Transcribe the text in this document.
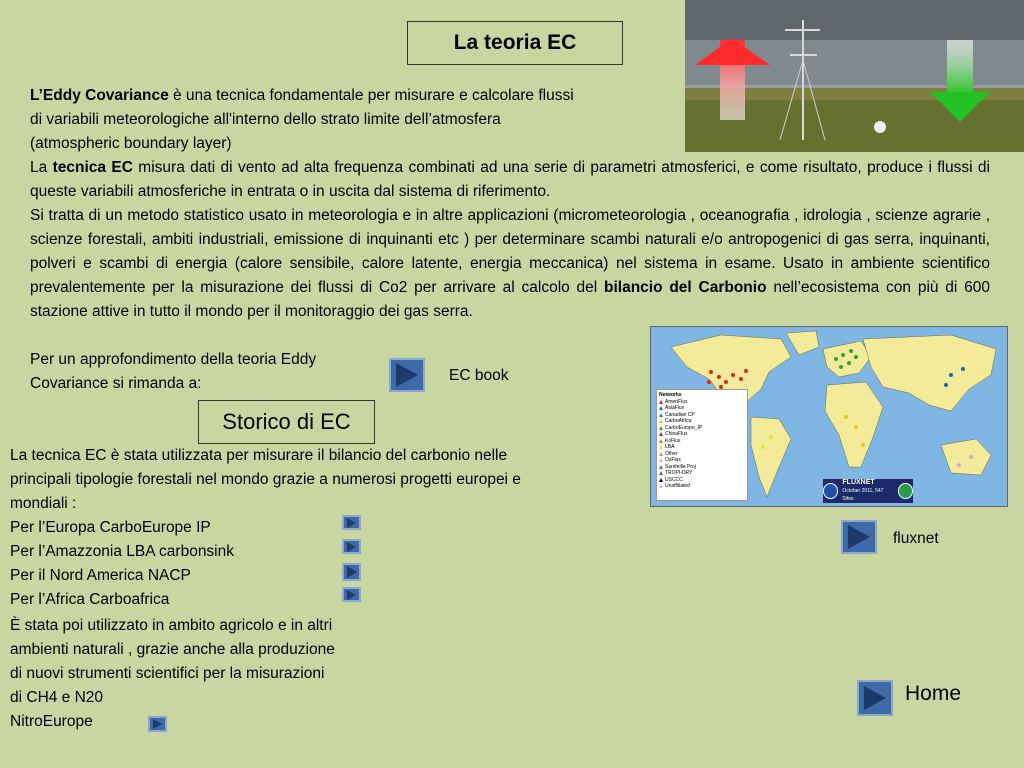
La teoria EC
L’Eddy Covariance è una tecnica fondamentale per misurare e calcolare flussi
di variabili meteorologiche all'interno dello strato limite dell’atmosfera
(atmospheric boundary layer)
La tecnica EC misura dati di vento ad alta frequenza combinati ad una serie di parametri atmosferici, e come risultato, produce i flussi di queste variabili atmosferiche in entrata o in uscita dal sistema di riferimento.
Si tratta di un metodo statistico usato in meteorologia e in altre applicazioni (micrometeorologia , oceanografia , idrologia , scienze agrarie , scienze forestali, ambiti industriali, emissione di inquinanti etc ) per determinare scambi naturali e/o antropogenici di gas serra, inquinanti, polveri e scambi di energia (calore sensibile, calore latente, energia meccanica) nel sistema in esame. Usato in ambiente scientifico prevalentemente per la misurazione dei flussi di Co2 per arrivare al calcolo del bilancio del Carbonio nell’ecosistema con più di 600 stazione attive in tutto il mondo per il monitoraggio dei gas serra.
Per un approfondimento della teoria Eddy
Covariance si rimanda a:	EC book
Networks
AmeriFlux
AsiaFlux
Canadian CP
CarboAfrica
CarboEurope_IP
ChinaFlux
KoFlux
LBA
Other
OzFlux
Sardinilla Proj
TROPI-DRY
USCCC
Unaffiliated	FLUXNET
October 2011, 547 Sites
fluxnet
Storico di EC
La tecnica EC è stata utilizzata per misurare il bilancio del carbonio nelle
principali tipologie forestali nel mondo grazie a numerosi progetti europei e
mondiali :
Per l’Europa CarboEurope IP
Per l’Amazzonia LBA carbonsink
Per il Nord America NACP
Per l’Africa Carboafrica
È stata poi utilizzato in ambito agricolo e in altri
ambienti naturali , grazie anche alla produzione
di nuovi strumenti scientifici per la misurazioni
di CH4 e N20
NitroEurope
Home
